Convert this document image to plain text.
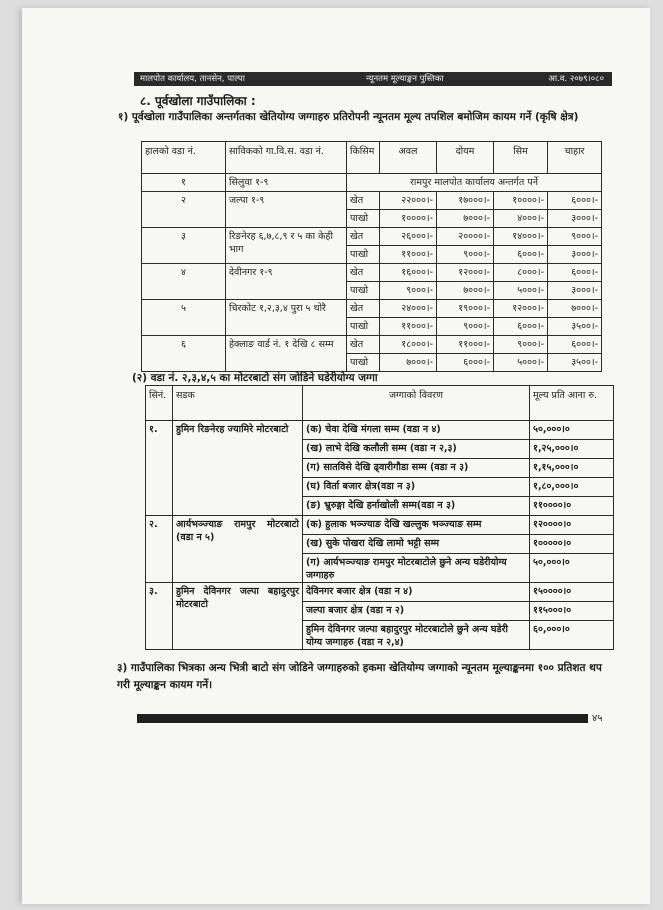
मालपोत कार्यालय, तानसेन, पाल्पा	न्यूनतम मूल्याङ्कन पुस्तिका	आ.व. २०७९।०८०
८. पूर्वखोला गाउँपालिका :
१) पूर्वखोला गाउँपालिका अन्तर्गतका खेतियोग्य जग्गाहरु प्रतिरोपनी न्यूनतम मूल्य तपशिल बमोजिम कायम गर्ने (कृषि क्षेत्र)
हालको वडा नं.	साविकको गा.वि.स. वडा नं.	किसिम	अवल	दोयम	सिम	चाहार
१	सिलुवा १-९	रामपुर मालपोत कार्यालय अन्तर्गत पर्ने				
२	जल्पा १-९	खेत	२२०००।-	१७०००।-	१००००।-	६०००।-
		पाखो	१००००।-	७०००।-	४०००।-	३०००।-
३	रिङनेरह ६,७,८,९ र ५ का केही भाग	खेत	२६०००।-	२००००।-	१४०००।-	९०००।-
		पाखो	११०००।-	९०००।-	६०००।-	३०००।-
४	देवीनगर १-९	खेत	१६०००।-	१२०००।-	८०००।-	६०००।-
		पाखो	९०००।-	७०००।-	५०००।-	३०००।-
५	चिरकोट १,२,३,४ पुरा ५ थोरै	खेत	२४०००।-	१९०००।-	१२०००।-	७०००।-
		पाखो	११०००।-	९०००।-	६०००।-	३५००।-
६	हेक्लाङ वार्ड नं. १ देखि ८ सम्म	खेत	१८०००।-	११०००।-	९०००।-	६०००।-
		पाखो	७०००।-	६०००।-	५०००।-	३५००।-
(२) वडा नं. २,३,४,५ का मोटरबाटो संग जोडिने घडेरीयोग्य जग्गा
सिनं.	सडक	जग्गाको विवरण	मूल्य प्रति आना रु.
१.	हुमिन रिङनेरह ज्यामिरे मोटरबाटो	(क) चेवा देखि मंगला सम्म (वडा न ४)	५०,०००।०
		(ख) लाभे देखि कलौली सम्म (वडा न २,३)	१,२५,०००।०
		(ग) सातविसे देखि ढ्वारीगौडा सम्म (वडा न ३)	१,१५,०००।०
		(घ) विर्ता बजार क्षेत्र(वडा न ३)	१,८०,०००।०
		(ङ) भ्रुरुङ्गा देखि हर्नाखोली सम्म(वडा न ३)	११००००।०
२.	आर्यभञ्ज्याङ रामपुर मोटरबाटो (वडा न ५)	(क) हुलाक भञ्ज्याङ देखि खल्लुक भञ्ज्याङ सम्म	१२००००।०
		(ख) सुके पोखरा देखि लामो भट्टी सम्म	१०००००।०
		(ग) आर्यभञ्ज्याङ रामपुर मोटरबाटोले छुने अन्य घडेरीयोग्य जग्गाहरु	५०,०००।०
३.	हुमिन देविनगर जल्पा बहादुरपुर मोटरबाटो	देविनगर बजार क्षेत्र (वडा न ४)	१५००००।०
		जल्पा बजार क्षेत्र (वडा न २)	११५०००।०
		हुमिन देविनगर जल्पा बहादुरपुर मोटरबाटोले छुने अन्य घडेरी योग्य जग्गाहरु (वडा न २,४)	६०,०००।०
३) गाउँपालिका भित्रका अन्य भित्री बाटो संग जोडिने जग्गाहरुको हकमा खेतियोग्य जग्गाको न्यूनतम मूल्याङ्कनमा १०० प्रतिशत थप गरी मूल्याङ्कन कायम गर्ने।
४५
